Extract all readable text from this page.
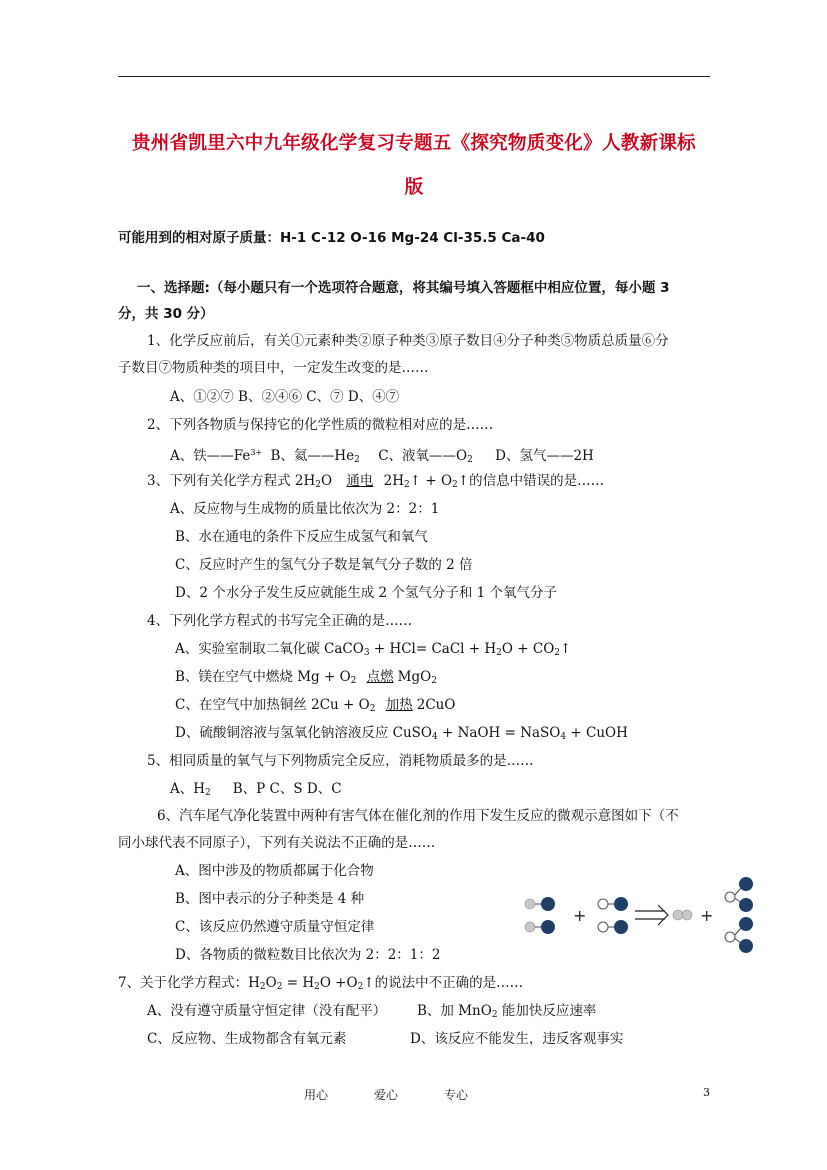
贵州省凯里六中九年级化学复习专题五《探究物质变化》人教新课标
版
可能用到的相对原子质量：H-1 C-12 O-16 Mg-24 Cl-35.5 Ca-40
一、选择题:（每小题只有一个选项符合题意，将其编号填入答题框中相应位置，每小题 3
分，共 30 分）
1、化学反应前后，有关①元素种类②原子种类③原子数目④分子种类⑤物质总质量⑥分
子数目⑦物质种类的项目中，一定发生改变的是……
A、①②⑦ B、②④⑥ C、⑦ D、④⑦
2、下列各物质与保持它的化学性质的微粒相对应的是……
A、铁$——Fe^{3+}$ B、氦$——He_2$ C、液氧$——O_2$ D、氢气——2H
3、下列有关化学方程式 $2H_2O$ 通电 $2H_2↑$ + $O_2↑$的信息中错误的是……
A、反应物与生成物的质量比依次为 2：2：1
B、水在通电的条件下反应生成氢气和氧气
C、反应时产生的氢气分子数是氧气分子数的 2 倍
D、2 个水分子发生反应就能生成 2 个氢气分子和 1 个氧气分子
4、下列化学方程式的书写完全正确的是……
A、实验室制取二氧化碳 CaCO$_3$ + HCl= CaCl + $H_2O$ + $CO_2↑$
B、镁在空气中燃烧 $Mg + O_2$ 点燃 MgO$_2$
C、在空气中加热铜丝 $2Cu + O_2$ 加热 2CuO
D、硫酸铜溶液与氢氧化钠溶液反应 CuSO$_4$ + NaOH = NaSO$_4$ + CuOH
5、相同质量的氧气与下列物质完全反应，消耗物质最多的是……
A、$H_2$ B、P C、S D、C
6、汽车尾气净化装置中两种有害气体在催化剂的作用下发生反应的微观示意图如下（不
同小球代表不同原子），下列有关说法不正确的是……
A、图中涉及的物质都属于化合物
B、图中表示的分子种类是 4 种
C、该反应仍然遵守质量守恒定律
D、各物质的微粒数目比依次为 2：2：1：2
+	+
7、关于化学方程式：$H_2O_2 = H_2O$ $+O_2↑$的说法中不正确的是……
A、没有遵守质量守恒定律（没有配平） B、加 MnO$_2$ 能加快反应速率
C、反应物、生成物都含有氧元素	D、该反应不能发生，违反客观事实
用心	爱心	专心	3
